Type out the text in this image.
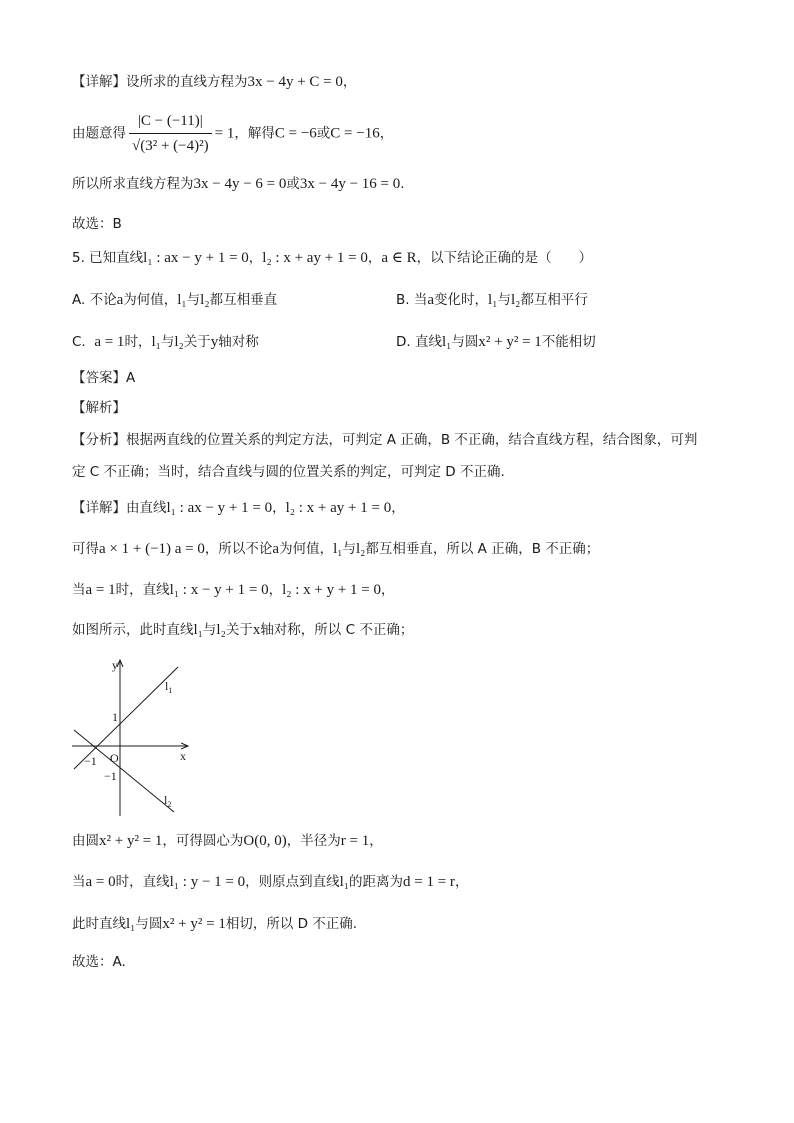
【详解】设所求的直线方程为3x − 4y + C = 0，
由题意得 $\frac{|C - (-11)|}{\text{√(3² + (−4)²)}} = 1$，解得C = −6或C = −16，
所以所求直线方程为3x − 4y − 6 = 0或3x − 4y − 16 = 0.
故选：B
5. 已知直线l₁ : ax − y + 1 = 0，l₂ : x + ay + 1 = 0，a ∈ R，以下结论正确的是（　　）
A. 不论a为何值，l₁与l₂都互相垂直	B. 当a变化时，l₁与l₂都互相平行
C. a = 1时，l₁与l₂关于y轴对称	D. 直线l₁与圆x² + y² = 1不能相切
【答案】A
【解析】
【分析】根据两直线的位置关系的判定方法，可判定 A 正确，B 不正确，结合直线方程，结合图象，可判
定 C 不正确；当时，结合直线与圆的位置关系的判定，可判定 D 不正确.
【详解】由直线l₁ : ax − y + 1 = 0，l₂ : x + ay + 1 = 0，
可得a × 1 + (−1) a = 0，所以不论a为何值，l₁与l₂都互相垂直，所以 A 正确，B 不正确；
当a = 1时，直线l₁ : x − y + 1 = 0，l₂ : x + y + 1 = 0，
如图所示，此时直线l₁与l₂关于x轴对称，所以 C 不正确；
y
x
O
1
−1
−1
$l_1$
$l_2$
由圆x² + y² = 1，可得圆心为O(0, 0)，半径为r = 1，
当a = 0时，直线l₁ : y − 1 = 0，则原点到直线l₁的距离为d = 1 = r，
此时直线l₁与圆x² + y² = 1相切，所以 D 不正确.
故选：A.
